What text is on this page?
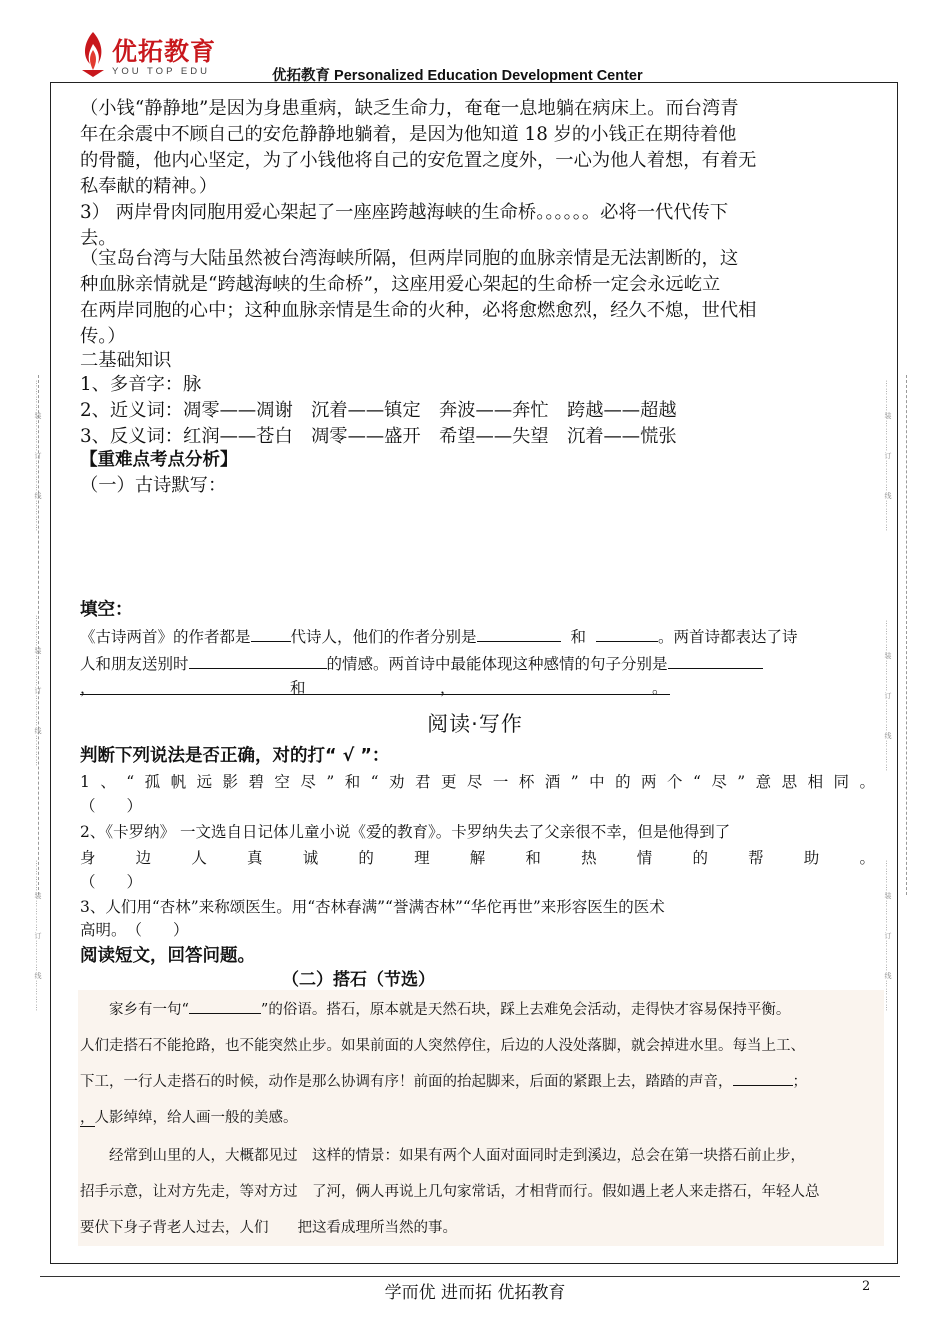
优拓教育
YOU TOP EDU	优拓教育 Personalized Education Development Center
…………装…………订…………线…………
…………装…………订…………线…………
…………装…………订…………线…………
…………装…………订…………线…………
…………装…………订…………线…………
…………装…………订…………线…………
（小钱“静静地”是因为身患重病，缺乏生命力，奄奄一息地躺在病床上。而台湾青
年在余震中不顾自己的安危静静地躺着，是因为他知道 18 岁的小钱正在期待着他
的骨髓，他内心坚定，为了小钱他将自己的安危置之度外，一心为他人着想，有着无
私奉献的精神。）
3） 两岸骨肉同胞用爱心架起了一座座跨越海峡的生命桥。。。。。。必将一代代传下
去。
（宝岛台湾与大陆虽然被台湾海峡所隔，但两岸同胞的血脉亲情是无法割断的，这
种血脉亲情就是“跨越海峡的生命桥”，这座用爱心架起的生命桥一定会永远屹立
在两岸同胞的心中；这种血脉亲情是生命的火种，必将愈燃愈烈，经久不熄，世代相
传。）
二基础知识
1、多音字：脉
2、近义词：凋零——凋谢　沉着——镇定　奔波——奔忙　跨越——超越
3、反义词：红润——苍白　凋零——盛开　希望——失望　沉着——慌张
【重难点考点分析】
（一）古诗默写：
填空：
《古诗两首》的作者都是	代诗人，他们的作者分别是	和	。两首诗都表达了诗
人和朋友送别时	的情感。两首诗中最能体现这种感情的句子分别是
，	和	，	。
阅读·写作
判断下列说法是否正确，对的打“ √ ”：
1、“孤帆远影碧空尽”和“劝君更尽一杯酒”中的两个“尽”意思相同。
（　　）
2、《卡罗纳》 一文选自日记体儿童小说《爱的教育》。卡罗纳失去了父亲很不幸，但是他得到了
身边人真诚的理解和热情的帮助。
（　　）
3、人们用“杏林”来称颂医生。用“杏林春满”“誉满杏林”“华佗再世”来形容医生的医术
高明。　（　　）
阅读短文，回答问题。
（二）搭石（节选）
　　家乡有一句“	”的俗语。搭石，原本就是天然石块，踩上去难免会活动，走得快才容易保持平衡。
人们走搭石不能抢路，也不能突然止步。如果前面的人突然停住，后边的人没处落脚，就会掉进水里。每当上工、
下工，一行人走搭石的时候，动作是那么协调有序！前面的抬起脚来，后面的紧跟上去，踏踏的声音，	；
，人影绰绰，给人画一般的美感。
　　经常到山里的人，大概都见过　这样的情景：如果有两个人面对面同时走到溪边，总会在第一块搭石前止步，
招手示意，让对方先走，等对方过　了河，俩人再说上几句家常话，才相背而行。假如遇上老人来走搭石，年轻人总
要伏下身子背老人过去，人们　　把这看成理所当然的事。
学而优 进而拓 优拓教育	2
